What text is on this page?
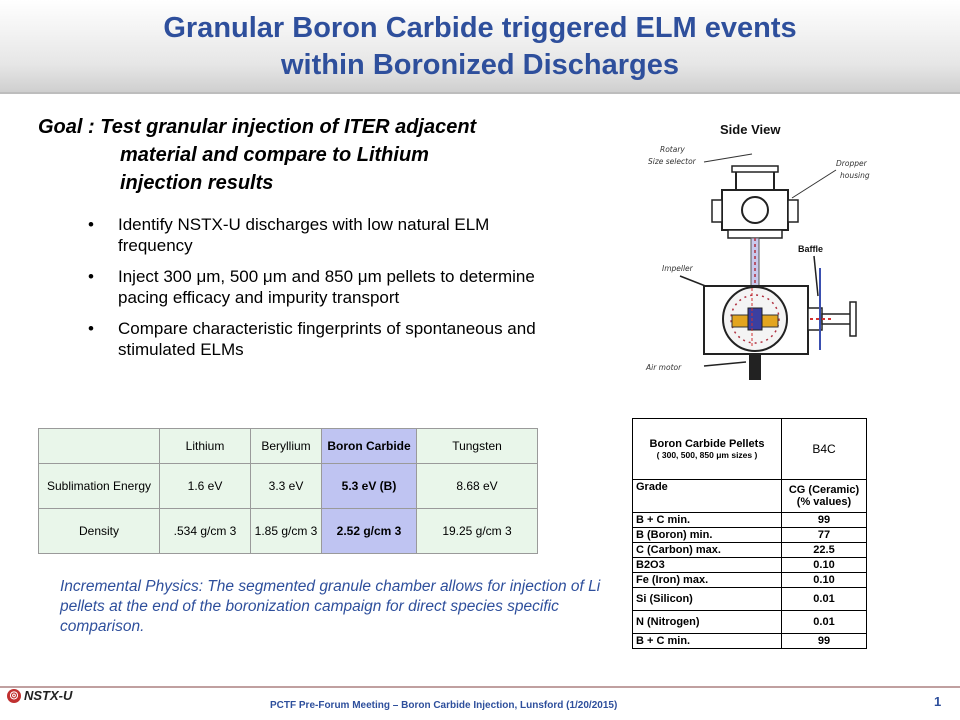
Granular Boron Carbide triggered ELM events
within Boronized Discharges
Goal : Test granular injection of ITER adjacent
material and compare to Lithium
injection results
• Identify NSTX-U discharges with low natural ELM frequency
• Inject 300 μm, 500 μm and 850 μm pellets to determine pacing efficacy and impurity transport
• Compare characteristic fingerprints of spontaneous and stimulated ELMs
Side View
Rotary
Size selector	Dropper
housing
Baffle
Impeller
Air motor
	Lithium	Beryllium	Boron Carbide	Tungsten
Sublimation Energy	1.6 eV	3.3 eV	5.3 eV (B)	8.68 eV
Density	.534 g/cm 3	1.85 g/cm 3	2.52 g/cm 3	19.25 g/cm 3
Incremental Physics: The segmented granule chamber allows for injection of Li pellets at the end of the boronization campaign for direct species specific comparison.
Boron Carbide Pellets
( 300, 500, 850 μm sizes )	B4C
Grade	CG (Ceramic) (% values)
B + C min.	99
B (Boron) min.	77
C (Carbon) max.	22.5
B2O3	0.10
Fe (Iron) max.	0.10
Si (Silicon)	0.01
N (Nitrogen)	0.01
B + C min.	99
◎ NSTX-U
PCTF Pre-Forum Meeting – Boron Carbide Injection, Lunsford (1/20/2015)	1
